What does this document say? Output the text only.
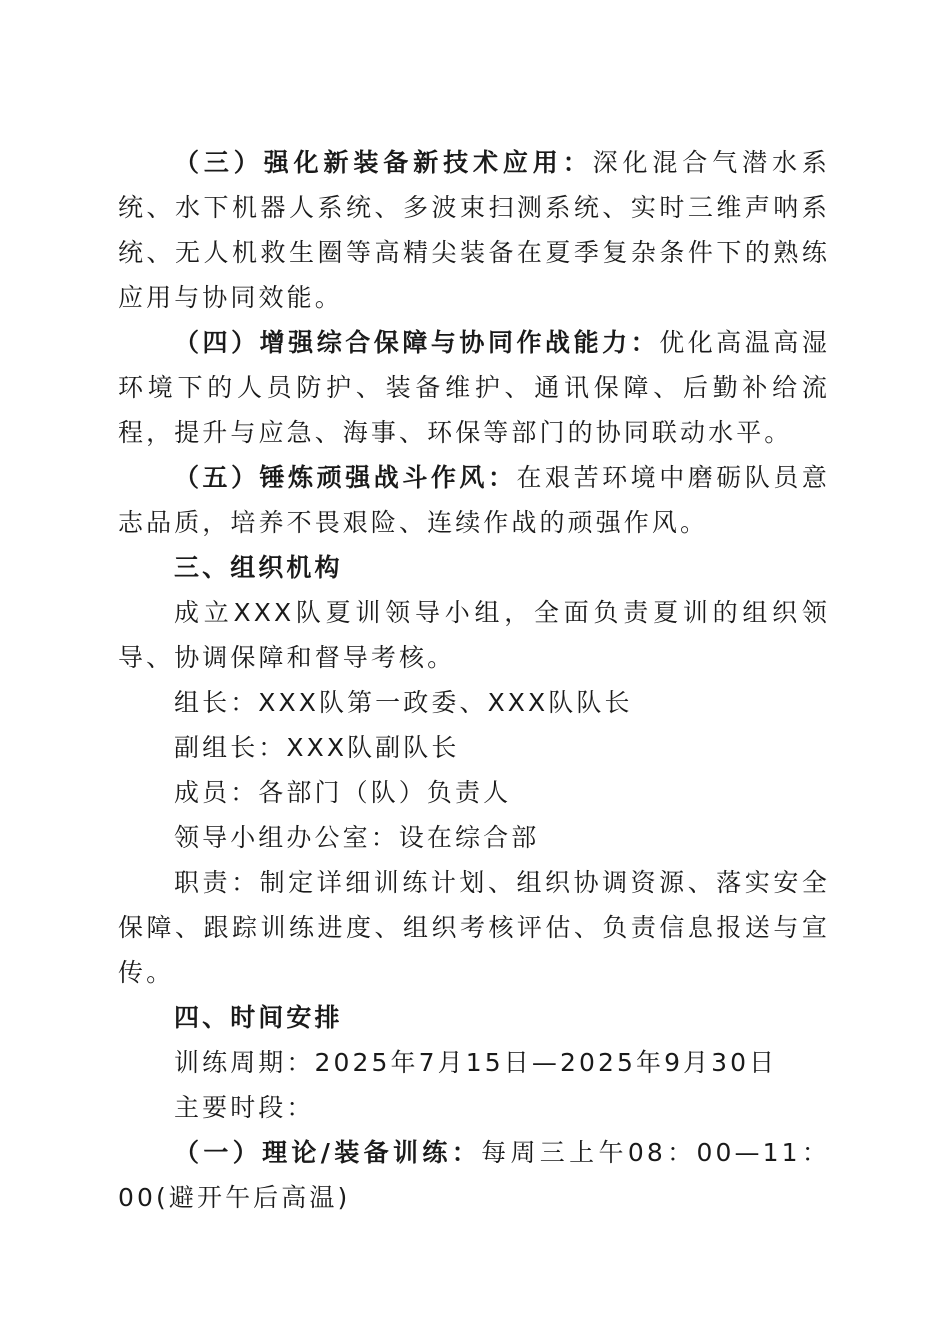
（三）强化新装备新技术应用：深化混合气潜水系统、水下机器人系统、多波束扫测系统、实时三维声呐系统、无人机救生圈等高精尖装备在夏季复杂条件下的熟练应用与协同效能。

（四）增强综合保障与协同作战能力：优化高温高湿环境下的人员防护、装备维护、通讯保障、后勤补给流程，提升与应急、海事、环保等部门的协同联动水平。

（五）锤炼顽强战斗作风：在艰苦环境中磨砺队员意志品质，培养不畏艰险、连续作战的顽强作风。

三、组织机构

成立XXX队夏训领导小组，全面负责夏训的组织领导、协调保障和督导考核。

组长：XXX队第一政委、XXX队队长

副组长：XXX队副队长

成员：各部门（队）负责人

领导小组办公室：设在综合部

职责：制定详细训练计划、组织协调资源、落实安全保障、跟踪训练进度、组织考核评估、负责信息报送与宣传。

四、时间安排

训练周期：2025年7月15日—2025年9月30日

主要时段：

（一）理论/装备训练：每周三上午08：00—11：00(避开午后高温)
